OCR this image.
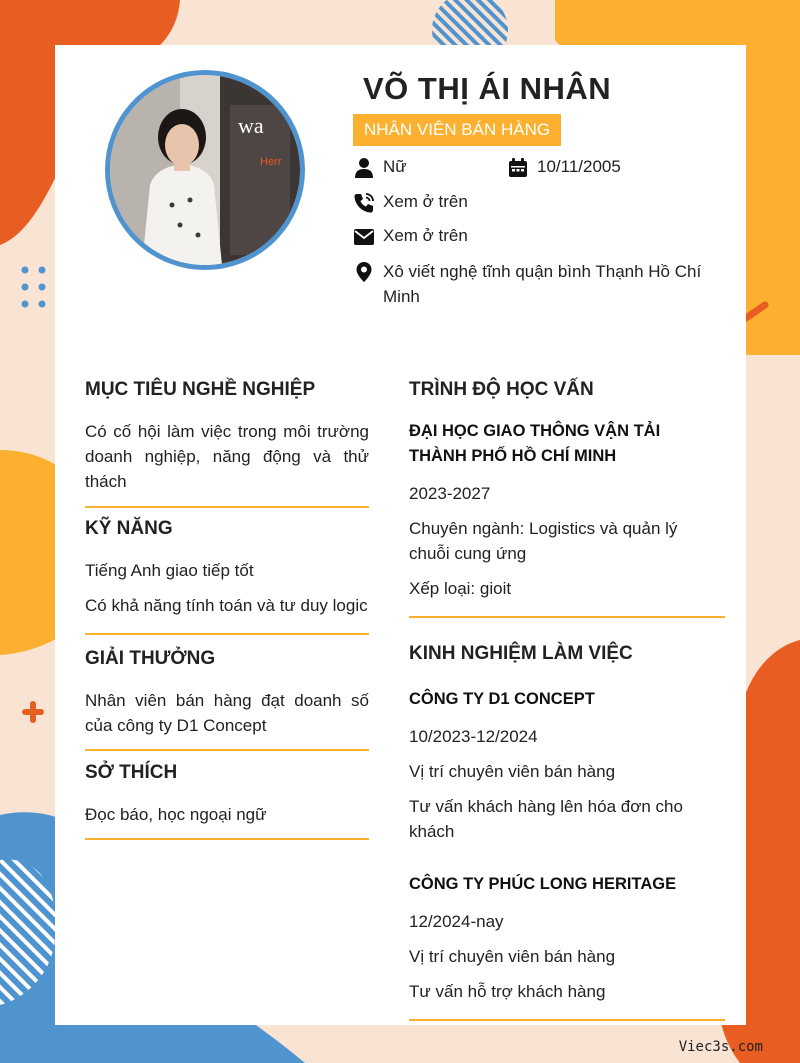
wa
Herr
VÕ THỊ ÁI NHÂN
NHÂN VIÊN BÁN HÀNG
Nữ	10/11/2005
Xem ở trên
Xem ở trên
Xô viết nghệ tĩnh quận bình Thạnh Hồ Chí Minh
MỤC TIÊU NGHỀ NGHIỆP
Có cố hội làm việc trong môi trường doanh nghiệp, năng động và thử thách
KỸ NĂNG
Tiếng Anh giao tiếp tốt
Có khả năng tính toán và tư duy logic
GIẢI THƯỞNG
Nhân viên bán hàng đạt doanh số của công ty D1 Concept
SỞ THÍCH
Đọc báo, học ngoại ngữ
TRÌNH ĐỘ HỌC VẤN
ĐẠI HỌC GIAO THÔNG VẬN TẢI THÀNH PHỐ HỒ CHÍ MINH
2023-2027
Chuyên ngành: Logistics và quản lý chuỗi cung ứng
Xếp loại: gioit
KINH NGHIỆM LÀM VIỆC
CÔNG TY D1 CONCEPT
10/2023-12/2024
Vị trí chuyên viên bán hàng
Tư vấn khách hàng lên hóa đơn cho khách
CÔNG TY PHÚC LONG HERITAGE
12/2024-nay
Vị trí chuyên viên bán hàng
Tư vấn hỗ trợ khách hàng
Viec3s.com
